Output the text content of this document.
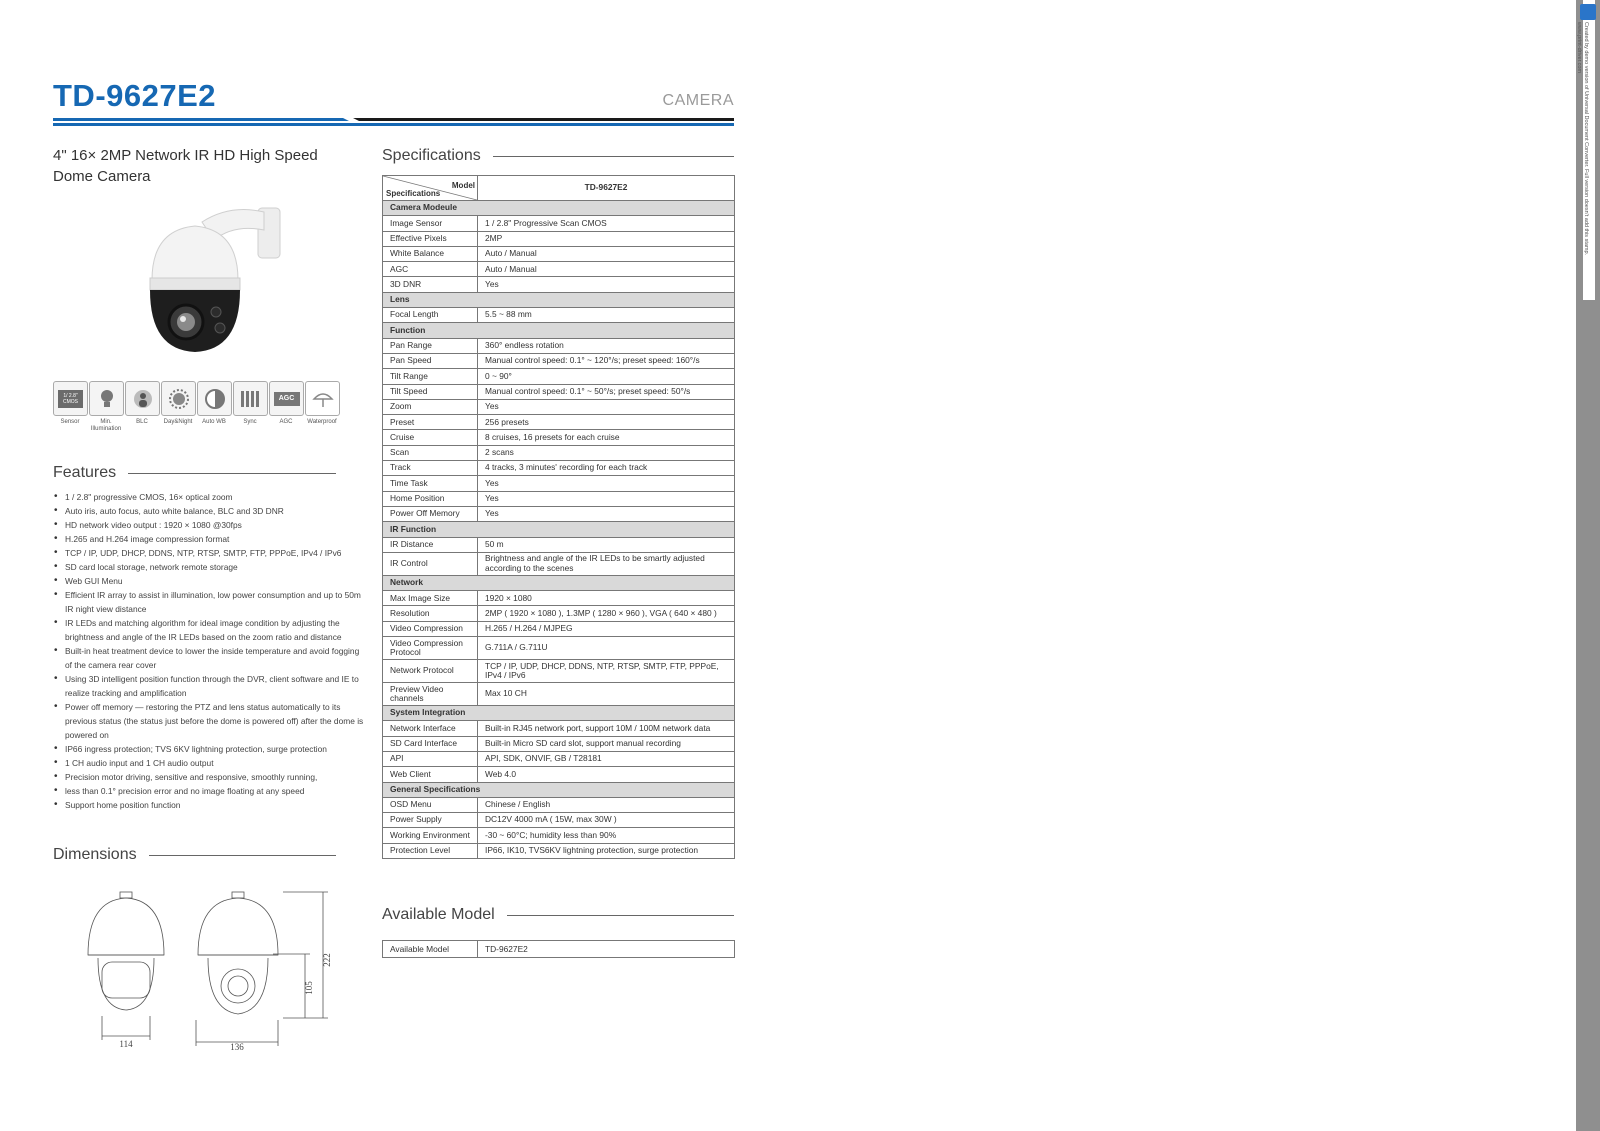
TD-9627E2	CAMERA
4" 16× 2MP Network IR HD High Speed
Dome Camera
1/ 2.8" CMOS
Sensor	Min. Illumination
BLC	Day&Night	Auto WB	Sync
AGC
AGC	Waterproof
Features
• 1 / 2.8" progressive CMOS, 16× optical zoom
• Auto iris, auto focus, auto white balance, BLC and 3D DNR
• HD network video output : 1920 × 1080 @30fps
• H.265 and H.264 image compression format
• TCP / IP, UDP, DHCP, DDNS, NTP, RTSP, SMTP, FTP, PPPoE, IPv4 / IPv6
• SD card local storage, network remote storage
• Web GUI Menu
• Efficient IR array to assist in illumination, low power consumption and up to 50m IR night view distance
• IR LEDs and matching algorithm for ideal image condition by adjusting the brightness and angle of the IR LEDs based on the zoom ratio and distance
• Built-in heat treatment device to lower the inside temperature and avoid fogging of the camera rear cover
• Using 3D intelligent position function through the DVR, client software and IE to realize tracking and amplification
• Power off memory — restoring the PTZ and lens status automatically to its previous status (the status just before the dome is powered off) after the dome is powered on
• IP66 ingress protection; TVS 6KV lightning protection, surge protection
• 1 CH audio input and 1 CH audio output
• Precision motor driving, sensitive and responsive, smoothly running,
• less than 0.1° precision error and no image floating at any speed
• Support home position function
Dimensions
114	136
222
105
Specifications
Model
Specifications	TD-9627E2
Camera Modeule	
Image Sensor	1 / 2.8" Progressive Scan CMOS
Effective Pixels	2MP
White Balance	Auto / Manual
AGC	Auto / Manual
3D DNR	Yes
Lens	
Focal Length	5.5 ~ 88 mm
Function	
Pan Range	360° endless rotation
Pan Speed	Manual control speed: 0.1° ~ 120°/s; preset speed: 160°/s
Tilt Range	0 ~ 90°
Tilt Speed	Manual control speed: 0.1° ~ 50°/s; preset speed: 50°/s
Zoom	Yes
Preset	256 presets
Cruise	8 cruises, 16 presets for each cruise
Scan	2 scans
Track	4 tracks, 3 minutes' recording for each track
Time Task	Yes
Home Position	Yes
Power Off Memory	Yes
IR Function	
IR Distance	50 m
IR Control	Brightness and angle of the IR LEDs to be smartly adjusted according to the scenes
Network	
Max Image Size	1920 × 1080
Resolution	2MP ( 1920 × 1080 ), 1.3MP ( 1280 × 960 ), VGA ( 640 × 480 )
Video Compression	H.265 / H.264 / MJPEG
Video Compression Protocol	G.711A / G.711U
Network Protocol	TCP / IP, UDP, DHCP, DDNS, NTP, RTSP, SMTP, FTP, PPPoE, IPv4 / IPv6
Preview Video channels	Max 10 CH
System Integration	
Network Interface	Built-in RJ45 network port, support 10M / 100M network data
SD Card Interface	Built-in Micro SD card slot, support manual recording
API	API, SDK, ONVIF, GB / T28181
Web Client	Web 4.0
General Specifications	
OSD Menu	Chinese / English
Power Supply	DC12V 4000 mA ( 15W, max 30W )
Working Environment	-30 ~ 60°C; humidity less than 90%
Protection Level	IP66, IK10, TVS6KV lightning protection, surge protection
Available Model
Available Model	TD-9627E2
Created by demo version of Universal Document Converter. Full version doesn't add this stamp.
www.print-driver.com
